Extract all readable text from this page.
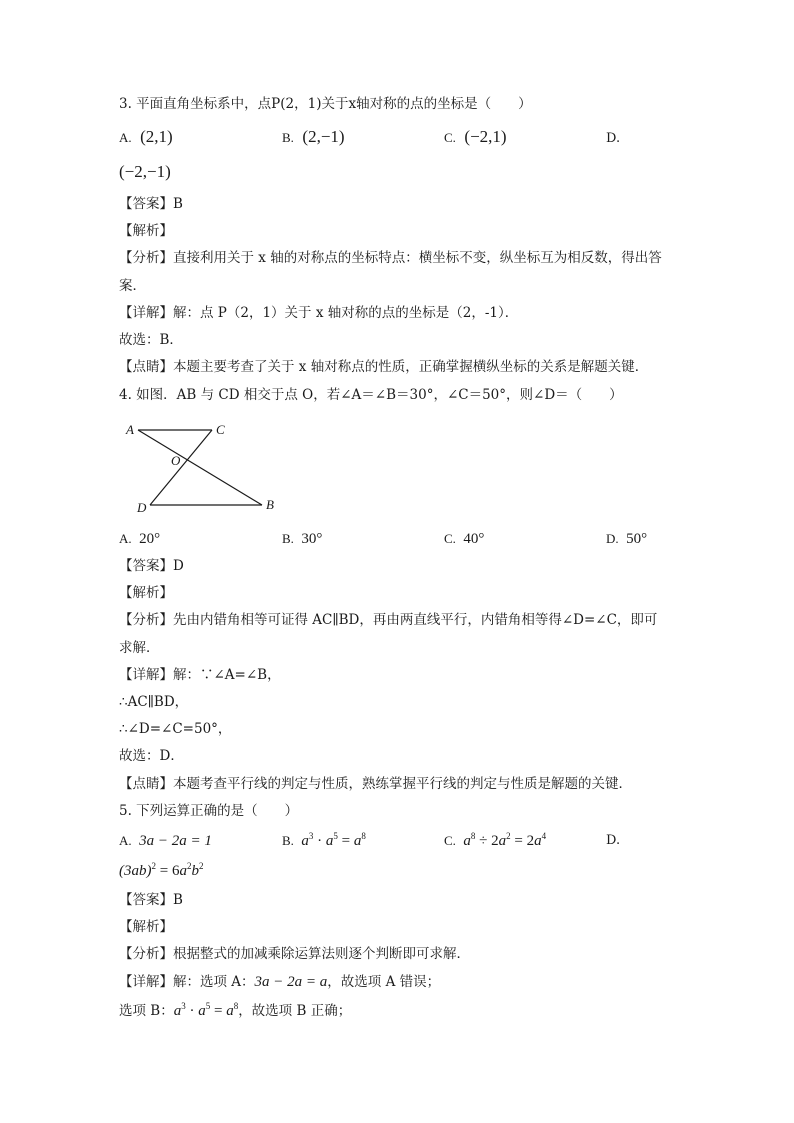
3. 平面直角坐标系中，点P(2，1)关于x轴对称的点的坐标是（　　）
A. (2,1)	B. (2,−1)	C. (−2,1)	D.
(−2,−1)
【答案】B
【解析】
【分析】直接利用关于 x 轴的对称点的坐标特点：横坐标不变，纵坐标互为相反数，得出答
案．
【详解】解：点 P（2，1）关于 x 轴对称的点的坐标是（2，-1）．
故选：B．
【点睛】本题主要考查了关于 x 轴对称点的性质，正确掌握横纵坐标的关系是解题关键．
4. 如图．AB 与 CD 相交于点 O，若∠A＝∠B＝30°，∠C＝50°，则∠D＝（　　）
A	C
O
D	B
A. 20°	B. 30°	C. 40°	D. 50°
【答案】D
【解析】
【分析】先由内错角相等可证得 AC∥BD，再由两直线平行，内错角相等得∠D=∠C，即可
求解．
【详解】解：∵∠A=∠B，
∴AC∥BD，
∴∠D=∠C=50°，
故选：D．
【点睛】本题考查平行线的判定与性质，熟练掌握平行线的判定与性质是解题的关键．
5. 下列运算正确的是（　　）
A. 3a − 2a = 1	B. $a^3 \cdot a^5 = a^8$	C. $a^8 \div 2a^2 = 2a^4$	D.
$(3ab)^2 = 6a^2b^2$
【答案】B
【解析】
【分析】根据整式的加减乘除运算法则逐个判断即可求解．
【详解】解：选项 A：3a − 2a = a，故选项 A 错误；
选项 B：$a^3 \cdot a^5 = a^8$，故选项 B 正确；
